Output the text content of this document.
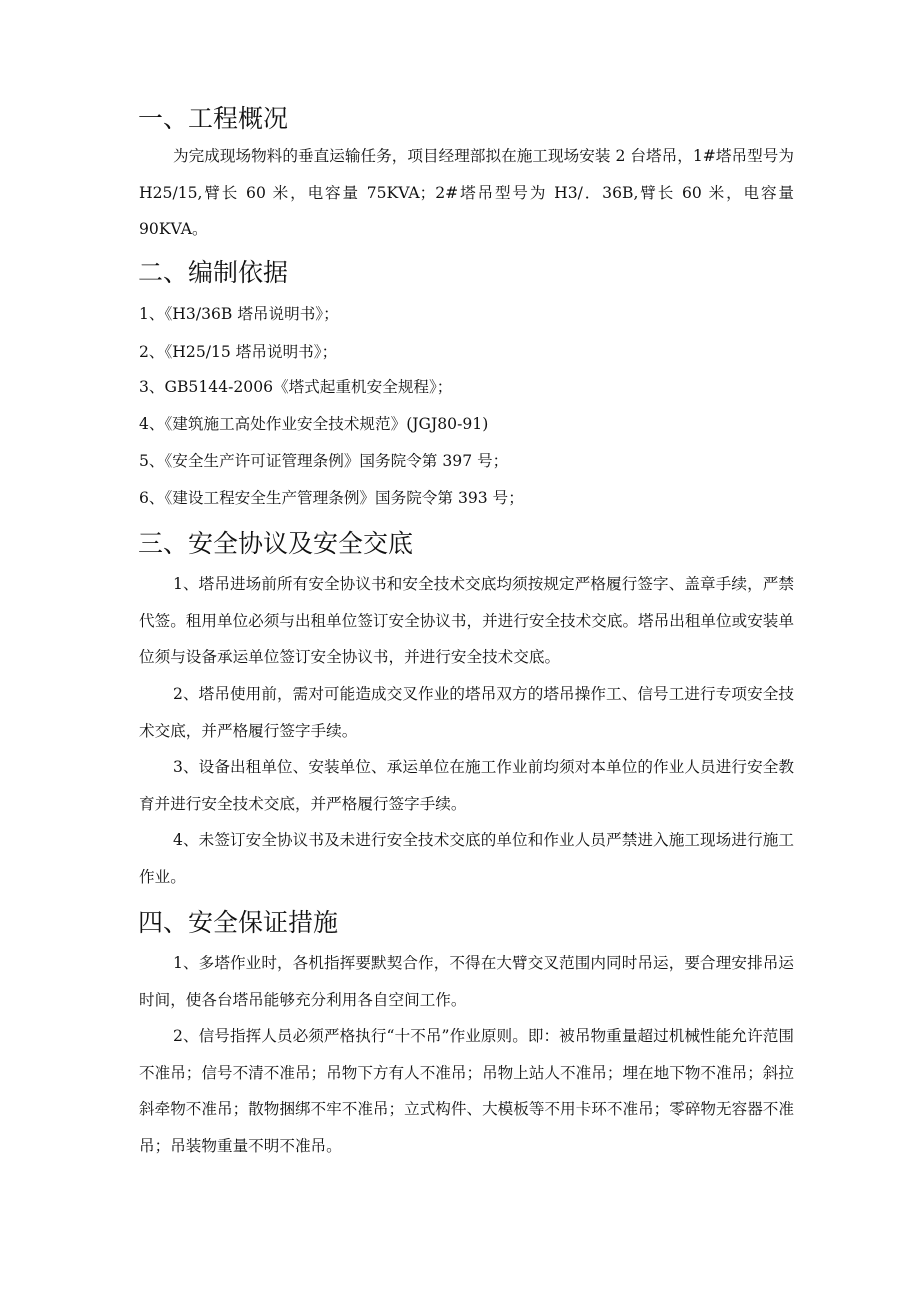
一、工程概况

为完成现场物料的垂直运输任务，项目经理部拟在施工现场安装 2 台塔吊，1#塔吊型号为 H25/15,臂长 60 米，电容量 75KVA；2#塔吊型号为 H3/．36B,臂长 60 米，电容量 90KVA。

二、编制依据
1、《H3/36B 塔吊说明书》；
2、《H25/15 塔吊说明书》；
3、GB5144-2006《塔式起重机安全规程》；
4、《建筑施工高处作业安全技术规范》(JGJ80-91)
5、《安全生产许可证管理条例》国务院令第 397 号；
6、《建设工程安全生产管理条例》国务院令第 393 号；
三、安全协议及安全交底

1、塔吊进场前所有安全协议书和安全技术交底均须按规定严格履行签字、盖章手续，严禁代签。租用单位必须与出租单位签订安全协议书，并进行安全技术交底。塔吊出租单位或安装单位须与设备承运单位签订安全协议书，并进行安全技术交底。

2、塔吊使用前，需对可能造成交叉作业的塔吊双方的塔吊操作工、信号工进行专项安全技术交底，并严格履行签字手续。

3、设备出租单位、安装单位、承运单位在施工作业前均须对本单位的作业人员进行安全教育并进行安全技术交底，并严格履行签字手续。

4、未签订安全协议书及未进行安全技术交底的单位和作业人员严禁进入施工现场进行施工作业。

四、安全保证措施

1、多塔作业时，各机指挥要默契合作，不得在大臂交叉范围内同时吊运，要合理安排吊运时间，使各台塔吊能够充分利用各自空间工作。

2、信号指挥人员必须严格执行“十不吊”作业原则。即：被吊物重量超过机械性能允许范围不准吊；信号不清不准吊；吊物下方有人不准吊；吊物上站人不准吊；埋在地下物不准吊；斜拉斜牵物不准吊；散物捆绑不牢不准吊；立式构件、大模板等不用卡环不准吊；零碎物无容器不准吊；吊装物重量不明不准吊。
